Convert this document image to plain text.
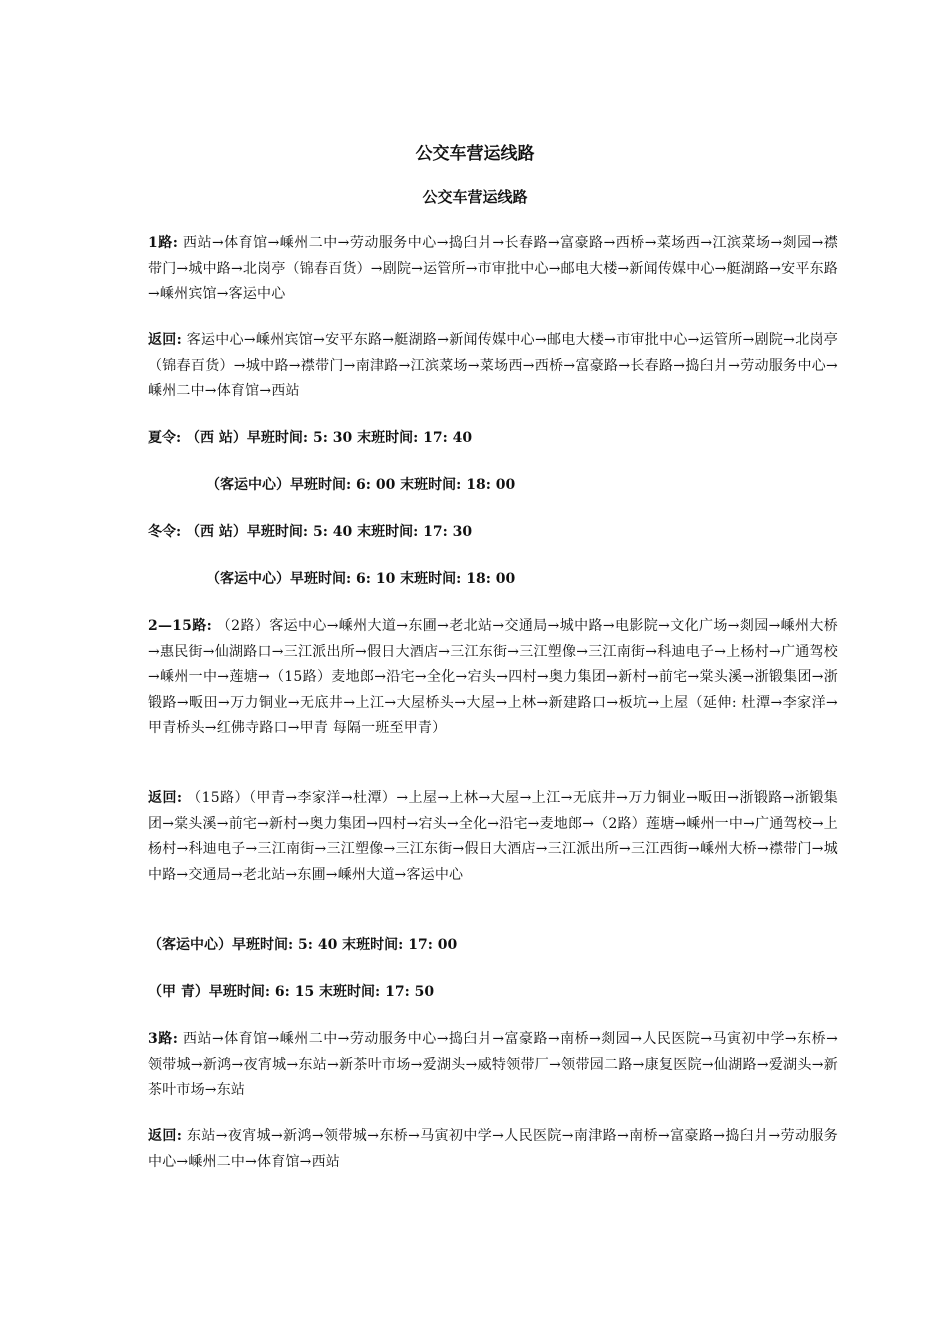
公交车营运线路
公交车营运线路
1路: 西站→体育馆→嵊州二中→劳动服务中心→捣臼爿→长春路→富豪路→西桥→菜场西→江滨菜场→剡园→襟带门→城中路→北岗亭（锦春百货）→剧院→运管所→市审批中心→邮电大楼→新闻传媒中心→艇湖路→安平东路→嵊州宾馆→客运中心
返回: 客运中心→嵊州宾馆→安平东路→艇湖路→新闻传媒中心→邮电大楼→市审批中心→运管所→剧院→北岗亭（锦春百货）→城中路→襟带门→南津路→江滨菜场→菜场西→西桥→富豪路→长春路→捣臼爿→劳动服务中心→嵊州二中→体育馆→西站
夏令: （西 站）早班时间: 5: 30 末班时间: 17: 40
（客运中心）早班时间: 6: 00 末班时间: 18: 00
冬令: （西 站）早班时间: 5: 40 末班时间: 17: 30
（客运中心）早班时间: 6: 10 末班时间: 18: 00
2—15路: （2路）客运中心→嵊州大道→东圃→老北站→交通局→城中路→电影院→文化广场→剡园→嵊州大桥→惠民街→仙湖路口→三江派出所→假日大酒店→三江东街→三江塑像→三江南街→科迪电子→上杨村→广通驾校→嵊州一中→莲塘→（15路）麦地郎→沿宅→全化→宕头→四村→奥力集团→新村→前宅→棠头溪→浙锻集团→浙锻路→畈田→万力铜业→无底井→上江→大屋桥头→大屋→上林→新建路口→板坑→上屋（延伸: 杜潭→李家洋→甲青桥头→红佛寺路口→甲青 每隔一班至甲青）
返回: （15路）（甲青→李家洋→杜潭）→上屋→上林→大屋→上江→无底井→万力铜业→畈田→浙锻路→浙锻集团→棠头溪→前宅→新村→奥力集团→四村→宕头→全化→沿宅→麦地郎→（2路）莲塘→嵊州一中→广通驾校→上杨村→科迪电子→三江南街→三江塑像→三江东街→假日大酒店→三江派出所→三江西街→嵊州大桥→襟带门→城中路→交通局→老北站→东圃→嵊州大道→客运中心
（客运中心）早班时间: 5: 40 末班时间: 17: 00
（甲 青）早班时间: 6: 15 末班时间: 17: 50
3路: 西站→体育馆→嵊州二中→劳动服务中心→捣臼爿→富豪路→南桥→剡园→人民医院→马寅初中学→东桥→领带城→新鸿→夜宵城→东站→新茶叶市场→爱湖头→威特领带厂→领带园二路→康复医院→仙湖路→爱湖头→新茶叶市场→东站
返回: 东站→夜宵城→新鸿→领带城→东桥→马寅初中学→人民医院→南津路→南桥→富豪路→捣臼爿→劳动服务中心→嵊州二中→体育馆→西站
